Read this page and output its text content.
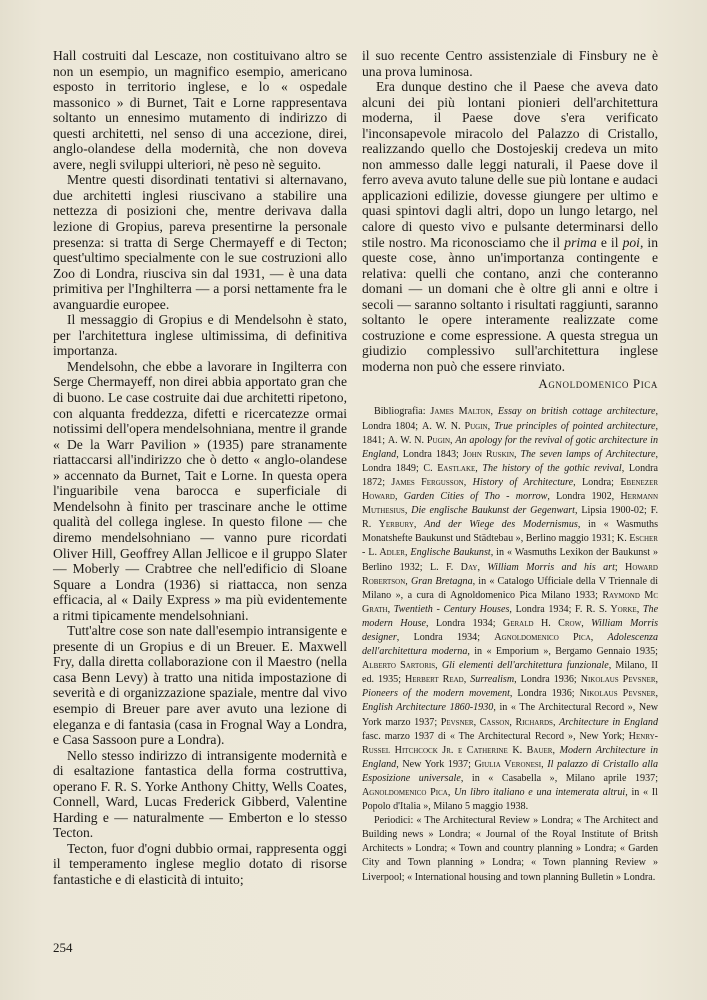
Hall costruiti dal Lescaze, non costituivano altro se non un esempio, un magnifico esempio, americano esposto in territorio inglese, e lo « ospedale massonico » di Burnet, Tait e Lorne rappresentava soltanto un ennesimo mutamento di indirizzo di questi architetti, nel senso di una accezione, direi, anglo-olandese della modernità, che non doveva avere, negli sviluppi ulteriori, nè peso nè seguito.

Mentre questi disordinati tentativi si alternavano, due architetti inglesi riuscivano a stabilire una nettezza di posizioni che, mentre derivava dalla lezione di Gropius, pareva presentirne la personale presenza: si tratta di Serge Chermayeff e di Tecton; quest'ultimo specialmente con le sue costruzioni allo Zoo di Londra, riusciva sin dal 1931, — è una data primitiva per l'Inghilterra — a porsi nettamente fra le avanguardie europee.

Il messaggio di Gropius e di Mendelsohn è stato, per l'architettura inglese ultimissima, di definitiva importanza.

Mendelsohn, che ebbe a lavorare in Ingilterra con Serge Chermayeff, non direi abbia apportato gran che di buono. Le case costruite dai due architetti ripetono, con alquanta freddezza, difetti e ricercatezze ormai notissimi dell'opera mendelsohniana, mentre il grande « De la Warr Pavilion » (1935) pare stranamente riattaccarsi all'indirizzo che ò detto « anglo-olandese » accennato da Burnet, Tait e Lorne. In questa opera l'inguaribile vena barocca e superficiale di Mendelsohn à finito per trascinare anche le ottime qualità del collega inglese. In questo filone — che diremo mendelsohniano — vanno pure ricordati Oliver Hill, Geoffrey Allan Jellicoe e il gruppo Slater — Moberly — Crabtree che nell'edificio di Sloane Square a Londra (1936) si riattacca, non senza efficacia, al « Daily Express » ma più evidentemente a ritmi tipicamente mendelsohniani.

Tutt'altre cose son nate dall'esempio intransigente e presente di un Gropius e di un Breuer. E. Maxwell Fry, dalla diretta collaborazione con il Maestro (nella casa Benn Levy) à tratto una nitida impostazione di severità e di organizzazione spaziale, mentre dal vivo esempio di Breuer pare aver avuto una lezione di eleganza e di fantasia (casa in Frognal Way a Londra, e Casa Sassoon pure a Londra).

Nello stesso indirizzo di intransigente modernità e di esaltazione fantastica della forma costruttiva, operano F. R. S. Yorke Anthony Chitty, Wells Coates, Connell, Ward, Lucas Frederick Gibberd, Valentine Harding e — naturalmente — Emberton e lo stesso Tecton.

Tecton, fuor d'ogni dubbio ormai, rappresenta oggi il temperamento inglese meglio dotato di risorse fantastiche e di elasticità di intuito;

il suo recente Centro assistenziale di Finsbury ne è una prova luminosa.

Era dunque destino che il Paese che aveva dato alcuni dei più lontani pionieri dell'architettura moderna, il Paese dove s'era verificato l'inconsapevole miracolo del Palazzo di Cristallo, realizzando quello che Dostojeskij credeva un mito non ammesso dalle leggi naturali, il Paese dove il ferro aveva avuto talune delle sue più lontane e audaci applicazioni edilizie, dovesse giungere per ultimo e quasi spintovi dagli altri, dopo un lungo letargo, nel calore di questo vivo e pulsante determinarsi dello stile nostro. Ma riconosciamo che il prima e il poi, in queste cose, ànno un'importanza contingente e relativa: quelli che contano, anzi che conteranno domani — un domani che è oltre gli anni e oltre i secoli — saranno soltanto i risultati raggiunti, saranno soltanto le opere interamente realizzate come costruzione e come espressione. A questa stregua un giudizio complessivo sull'architettura inglese moderna non può che essere rinviato.

Agnoldomenico Pica

Bibliografia: James Malton, Essay on british cottage architecture, Londra 1804; A. W. N. Pugin, True principles of pointed architecture, 1841; A. W. N. Pugin, An apology for the revival of gotic architecture in England, Londra 1843; John Ruskin, The seven lamps of Architecture, Londra 1849; C. Eastlake, The history of the gothic revival, Londra 1872; James Fergusson, History of Architecture, Londra; Ebenezer Howard, Garden Cities of Tho - morrow, Londra 1902, Hermann Muthesius, Die englische Baukunst der Gegenwart, Lipsia 1900-02; F. R. Yerbury, And der Wiege des Modernismus, in « Wasmuths Monatshefte Baukunst und Städtebau », Berlino maggio 1931; K. Escher - L. Adler, Englische Baukunst, in « Wasmuths Lexikon der Baukunst » Berlino 1932; L. F. Day, William Morris and his art; Howard Robertson, Gran Bretagna, in « Catalogo Ufficiale della V Triennale di Milano », a cura di Agnoldomenico Pica Milano 1933; Raymond Mc Grath, Twentieth - Century Houses, Londra 1934; F. R. S. Yorke, The modern House, Londra 1934; Gerald H. Crow, William Morris designer, Londra 1934; Agnoldomenico Pica, Adolescenza dell'architettura moderna, in « Emporium », Bergamo Gennaio 1935; Alberto Sartoris, Gli elementi dell'architettura funzionale, Milano, II ed. 1935; Herbert Read, Surrealism, Londra 1936; Nikolaus Pevsner, Pioneers of the modern movement, Londra 1936; Nikolaus Pevsner, English Architecture 1860-1930, in « The Architectural Record », New York marzo 1937; Pevsner, Casson, Richards, Architecture in England fasc. marzo 1937 di « The Architectural Record », New York; Henry-Russel Hitchcock Jr. e Catherine K. Bauer, Modern Architecture in England, New York 1937; Giulia Veronesi, Il palazzo di Cristallo alla Esposizione universale, in « Casabella », Milano aprile 1937; Agnoldomenico Pica, Un libro italiano e una intemerata altrui, in « Il Popolo d'Italia », Milano 5 maggio 1938.

Periodici: « The Architectural Review » Londra; « The Architect and Building news » Londra; « Journal of the Royal Institute of Britsh Architects » Londra; « Town and country planning » Londra; « Garden City and Town planning » Londra; « Town planning Review » Liverpool; « International housing and town planning Bulletin » Londra.

254
